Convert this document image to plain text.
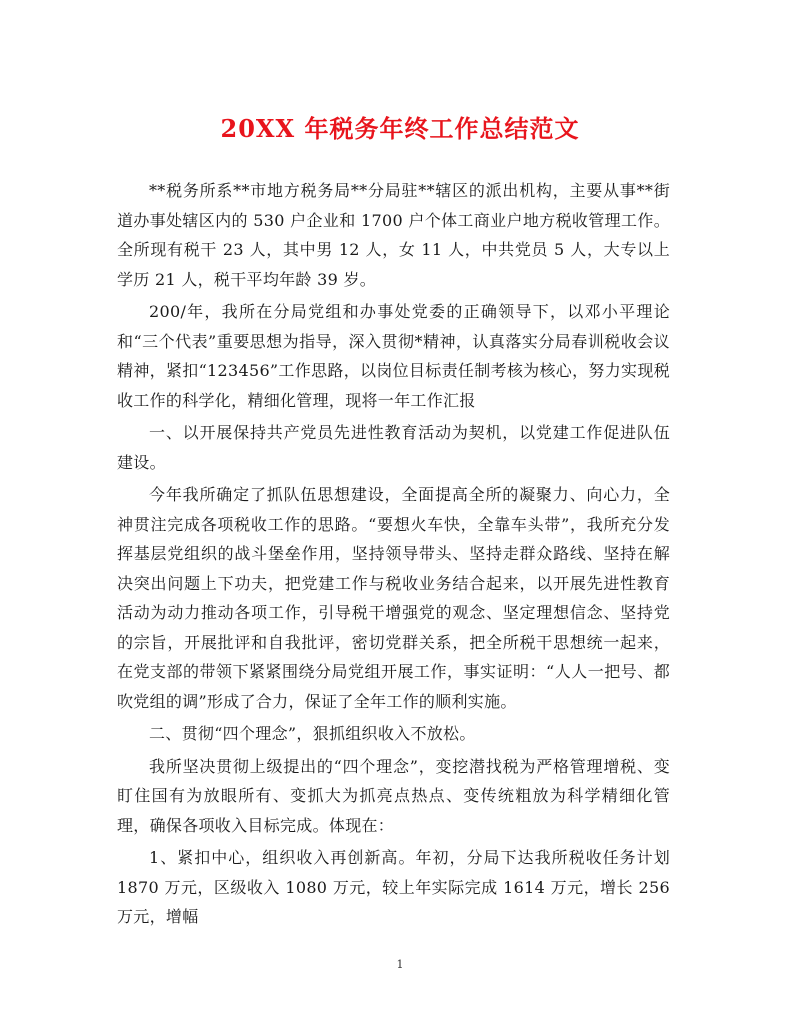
20XX 年税务年终工作总结范文

**税务所系**市地方税务局**分局驻**辖区的派出机构，主要从事**街道办事处辖区内的 530 户企业和 1700 户个体工商业户地方税收管理工作。全所现有税干 23 人，其中男 12 人，女 11 人，中共党员 5 人，大专以上学历 21 人，税干平均年龄 39 岁。

200/年，我所在分局党组和办事处党委的正确领导下，以邓小平理论和“三个代表”重要思想为指导，深入贯彻*精神，认真落实分局春训税收会议精神，紧扣“123456”工作思路，以岗位目标责任制考核为核心，努力实现税收工作的科学化，精细化管理，现将一年工作汇报

一、以开展保持共产党员先进性教育活动为契机，以党建工作促进队伍建设。

今年我所确定了抓队伍思想建设，全面提高全所的凝聚力、向心力，全神贯注完成各项税收工作的思路。“要想火车快，全靠车头带”，我所充分发挥基层党组织的战斗堡垒作用，坚持领导带头、坚持走群众路线、坚持在解决突出问题上下功夫，把党建工作与税收业务结合起来，以开展先进性教育活动为动力推动各项工作，引导税干增强党的观念、坚定理想信念、坚持党的宗旨，开展批评和自我批评，密切党群关系，把全所税干思想统一起来，在党支部的带领下紧紧围绕分局党组开展工作，事实证明：“人人一把号、都吹党组的调”形成了合力，保证了全年工作的顺利实施。

二、贯彻“四个理念”，狠抓组织收入不放松。

我所坚决贯彻上级提出的“四个理念”，变挖潜找税为严格管理增税、变盯住国有为放眼所有、变抓大为抓亮点热点、变传统粗放为科学精细化管理，确保各项收入目标完成。体现在：

1、紧扣中心，组织收入再创新高。年初，分局下达我所税收任务计划 1870 万元，区级收入 1080 万元，较上年实际完成 1614 万元，增长 256 万元，增幅

1
